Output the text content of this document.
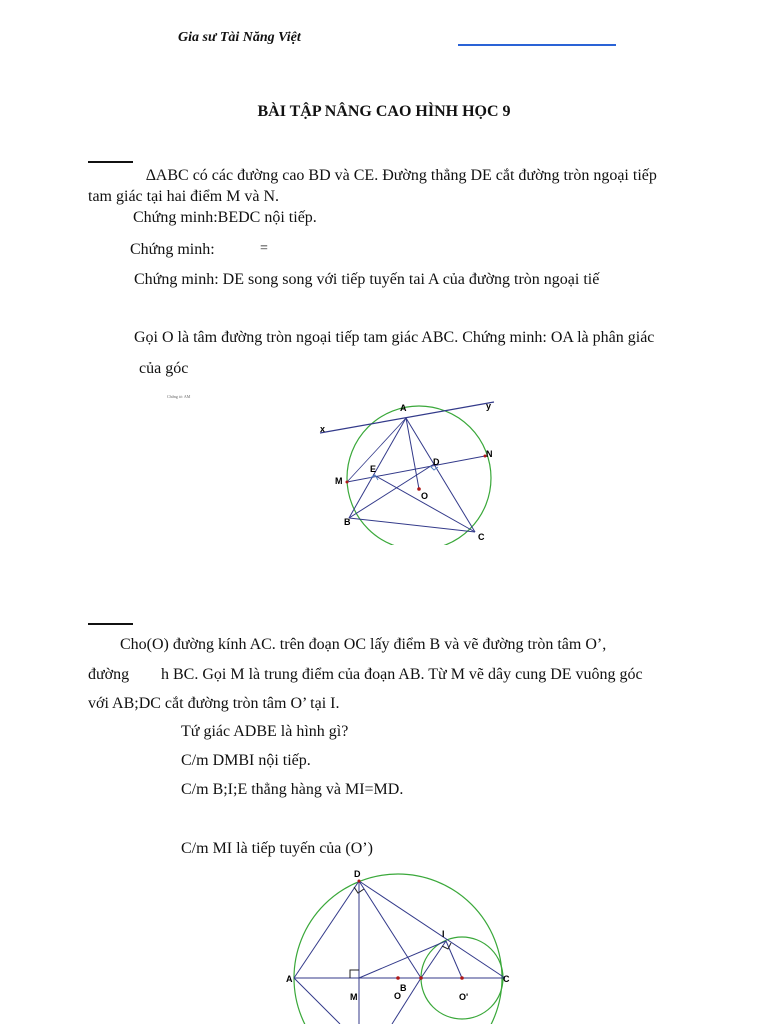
Gia sư Tài Năng Việt
BÀI TẬP NÂNG CAO HÌNH HỌC 9
∆ABC có các đường cao BD và CE. Đường thẳng DE cắt đường tròn ngoại tiếp
tam giác tại hai điểm M và N.
Chứng minh:BEDC nội tiếp.
Chứng minh:	=
Chứng minh: DE song song với tiếp tuyến tai A của đường tròn ngoại tiế
Gọi O là tâm đường tròn ngoại tiếp tam giác ABC. Chứng minh: OA là phân giác
của góc
Chứng tỏ: AM
A
x
y
E
D
N
M
O
B
C
Cho(O) đường kính AC. trên đoạn OC lấy điểm B và vẽ đường tròn tâm O’,
đường h BC. Gọi M là trung điểm của đoạn AB. Từ M vẽ dây cung DE vuông góc
với AB;DC cắt đường tròn tâm O’ tại I.
Tứ giác ADBE là hình gì?
C/m DMBI nội tiếp.
C/m B;I;E thẳng hàng và MI=MD.
C/m MI là tiếp tuyến của (O’)
D
I
A	C
M	O
B
O'
